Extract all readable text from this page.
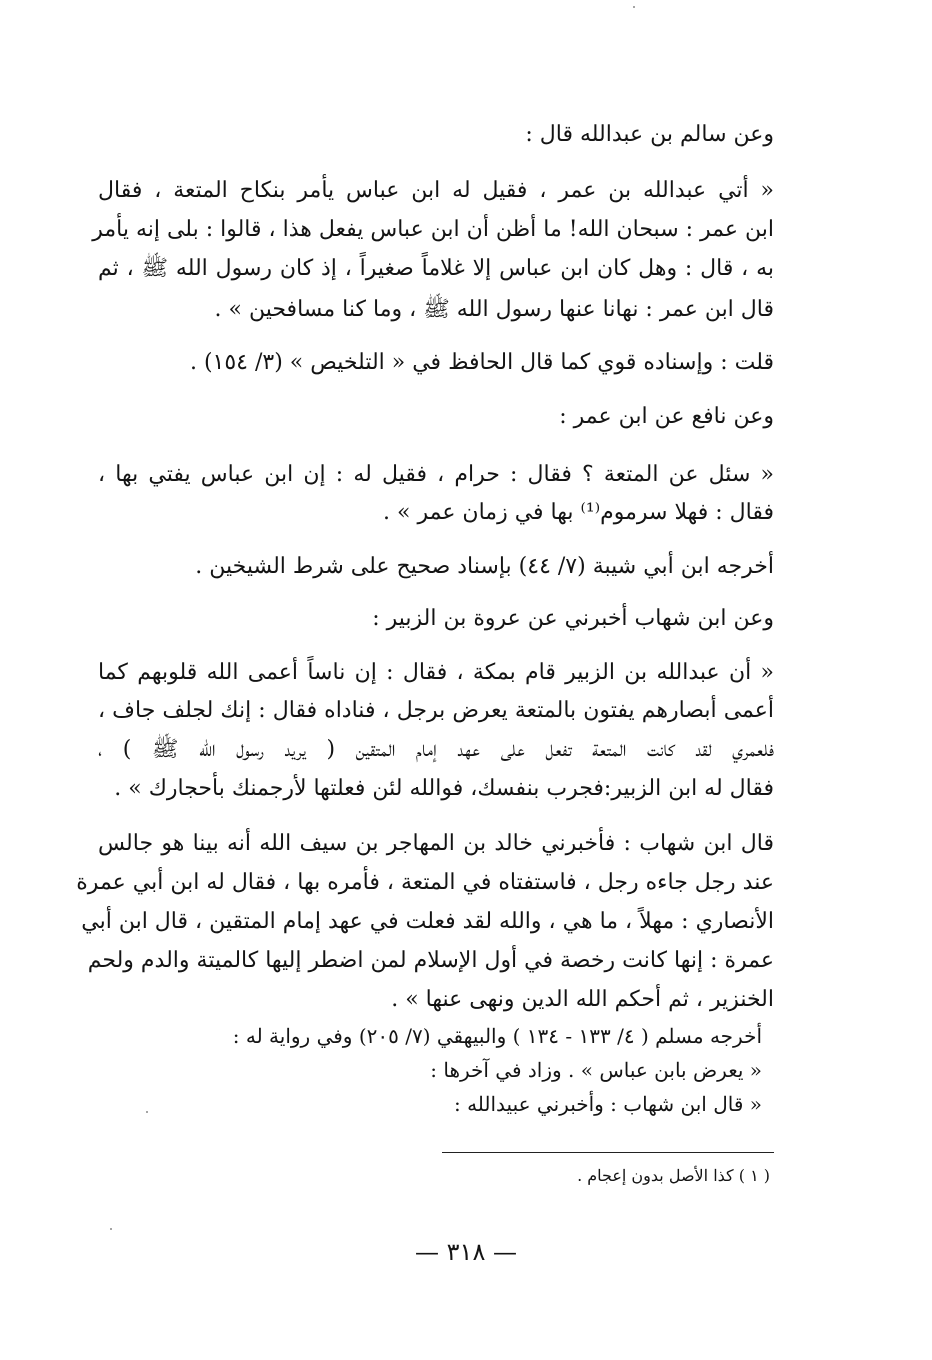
وعن سالم بن عبدالله قال :
« أتي عبدالله بن عمر ، فقيل له ابن عباس يأمر بنكاح المتعة ، فقال
ابن عمر : سبحان الله! ما أظن أن ابن عباس يفعل هذا ، قالوا : بلى إنه يأمر
به ، قال : وهل كان ابن عباس إلا غلاماً صغيراً ، إذ كان رسول الله ﷺ ، ثم
قال ابن عمر : نهانا عنها رسول الله ﷺ ، وما كنا مسافحين » .
قلت : وإسناده قوي كما قال الحافظ في « التلخيص » (٣/ ١٥٤) .
وعن نافع عن ابن عمر :
« سئل عن المتعة ؟ فقال : حرام ، فقيل له : إن ابن عباس يفتي بها ،
فقال : فهلا سرموم⁽¹⁾ بها في زمان عمر » .
أخرجه ابن أبي شيبة (٧/ ٤٤) بإسناد صحيح على شرط الشيخين .
وعن ابن شهاب أخبرني عن عروة بن الزبير :
« أن عبدالله بن الزبير قام بمكة ، فقال : إن ناساً أعمى الله قلوبهم كما
أعمى أبصارهم يفتون بالمتعة يعرض برجل ، فناداه فقال : إنك لجلف جاف ،
فلعمري لقد كانت المتعة تفعل على عهد إمام المتقين ( يريد رسول الله ﷺ ) ،
فقال له ابن الزبير:فجرب بنفسك، فوالله لئن فعلتها لأرجمنك بأحجارك » .
قال ابن شهاب : فأخبرني خالد بن المهاجر بن سيف الله أنه بينا هو جالس
عند رجل جاءه رجل ، فاستفتاه في المتعة ، فأمره بها ، فقال له ابن أبي عمرة
الأنصاري : مهلاً ، ما هي ، والله لقد فعلت في عهد إمام المتقين ، قال ابن أبي
عمرة : إنها كانت رخصة في أول الإسلام لمن اضطر إليها كالميتة والدم ولحم
الخنزير ، ثم أحكم الله الدين ونهى عنها » .
أخرجه مسلم ( ٤/ ١٣٣ - ١٣٤ ) والبيهقي (٧/ ٢٠٥) وفي رواية له :
« يعرض بابن عباس » . وزاد في آخرها :
« قال ابن شهاب : وأخبرني عبيدالله :
( ١ ) كذا الأصل بدون إعجام .
— ٣١٨ —
